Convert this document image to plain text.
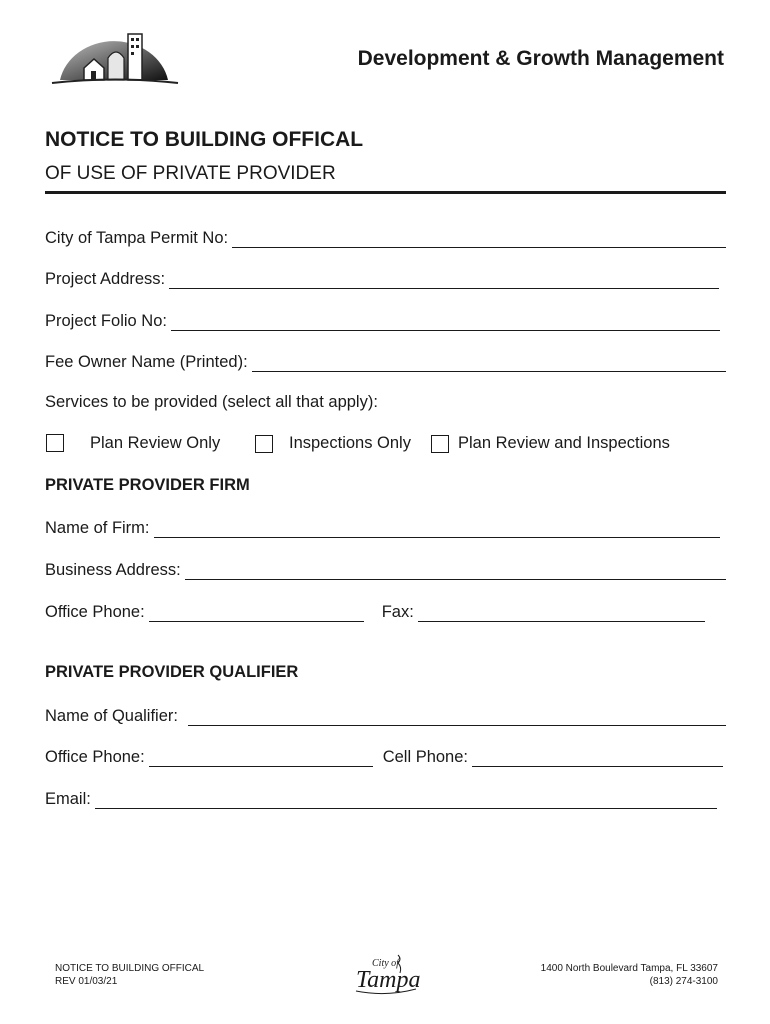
Development & Growth Management
NOTICE TO BUILDING OFFICAL
OF USE OF PRIVATE PROVIDER
City of Tampa Permit No:
Project Address:
Project Folio No:
Fee Owner Name (Printed):
Services to be provided (select all that apply):
Plan Review Only	Inspections Only	Plan Review and Inspections
PRIVATE PROVIDER FIRM
Name of Firm:
Business Address:
Office Phone:	Fax:
PRIVATE PROVIDER QUALIFIER
Name of Qualifier:
Office Phone:	Cell Phone:
Email:
NOTICE TO BUILDING OFFICAL
REV 01/03/21	Tampa
City of	1400 North Boulevard Tampa, FL 33607
(813) 274-3100
